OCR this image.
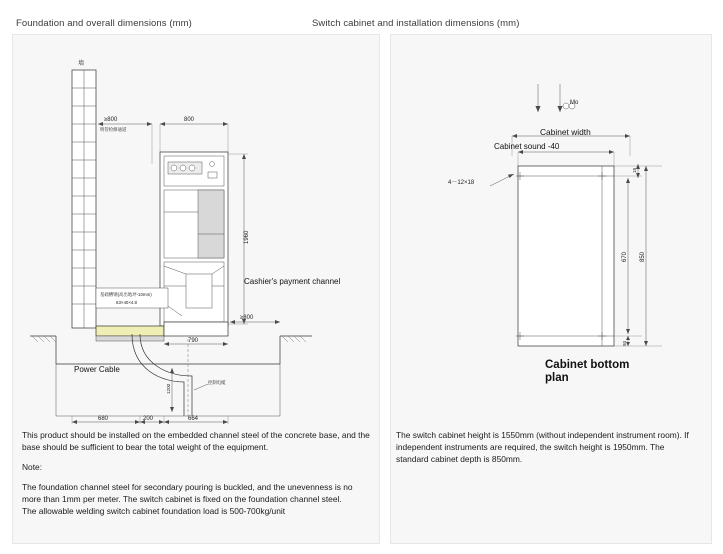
Foundation and overall dimensions (mm)	Switch cabinet and installation dimensions (mm)
墙
≥800
明管检修通道
800
1960
基础槽钢(高出地坪-10mm)
63×40×4.8
≥800
790
1200
控制电缆
680	200	664
Cashier's payment channel
Power Cable
Mo
4－12×18
18
670 850
93
Cabinet width
Cabinet sound -40
Cabinet bottom plan

This product should be installed on the embedded channel steel of the concrete base, and the base should be sufficient to bear the total weight of the equipment.

Note:

The foundation channel steel for secondary pouring is buckled, and the unevenness is no more than 1mm per meter. The switch cabinet is fixed on the foundation channel steel.

The allowable welding switch cabinet foundation load is 500-700kg/unit

The switch cabinet height is 1550mm (without independent instrument room). If independent instruments are required, the switch height is 1950mm. The standard cabinet depth is 850mm.
